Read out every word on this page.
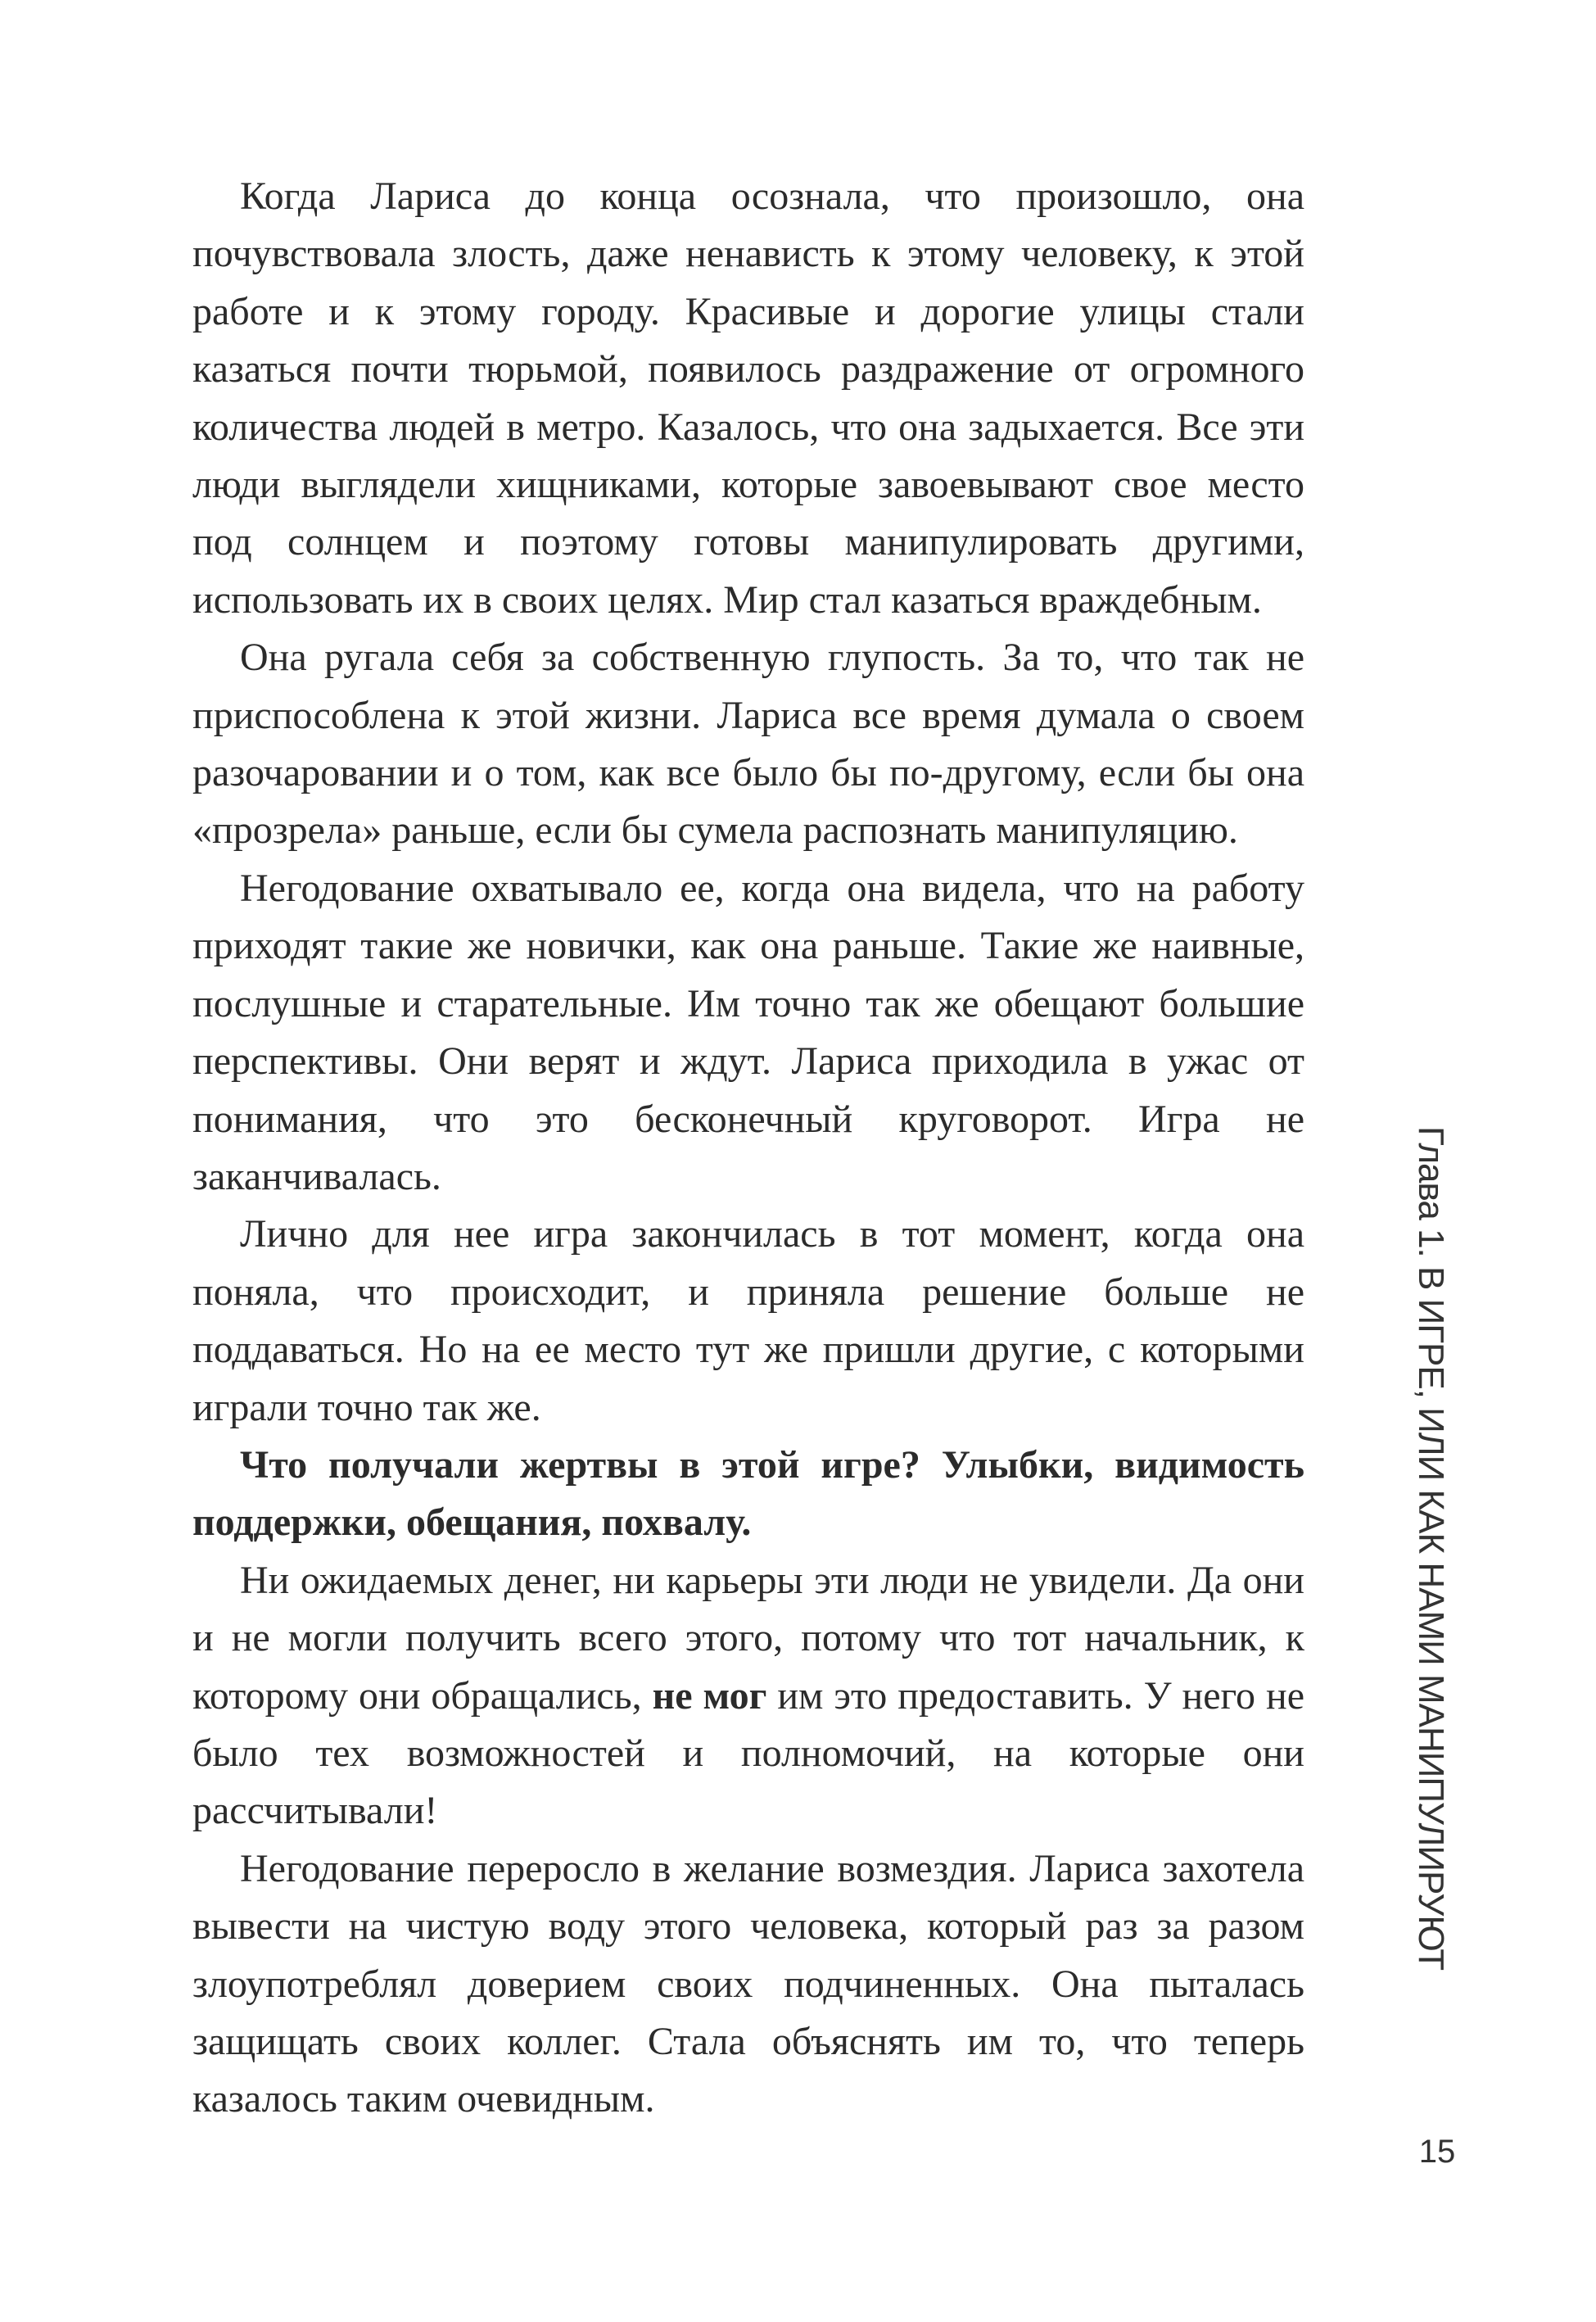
Когда Лариса до конца осознала, что произошло, она почувствовала злость, даже ненависть к этому человеку, к этой работе и к этому городу. Красивые и дорогие улицы стали казаться почти тюрьмой, появилось раздражение от огромного количества людей в метро. Казалось, что она задыхается. Все эти люди выглядели хищниками, которые завоевывают свое место под солнцем и поэтому готовы манипулировать другими, использовать их в своих целях. Мир стал казаться враждебным.

Она ругала себя за собственную глупость. За то, что так не приспособлена к этой жизни. Лариса все время думала о своем разочаровании и о том, как все было бы по-другому, если бы она «прозрела» раньше, если бы сумела распознать манипуляцию.

Негодование охватывало ее, когда она видела, что на работу приходят такие же новички, как она раньше. Такие же наивные, послушные и старательные. Им точно так же обещают большие перспективы. Они верят и ждут. Лариса приходила в ужас от понимания, что это бесконечный круговорот. Игра не заканчивалась.

Лично для нее игра закончилась в тот момент, когда она поняла, что происходит, и приняла решение больше не поддаваться. Но на ее место тут же пришли другие, с которыми играли точно так же.

Что получали жертвы в этой игре? Улыбки, видимость поддержки, обещания, похвалу.

Ни ожидаемых денег, ни карьеры эти люди не увидели. Да они и не могли получить всего этого, потому что тот начальник, к которому они обращались, не мог им это предоставить. У него не было тех возможностей и полномочий, на которые они рассчитывали!

Негодование переросло в желание возмездия. Лариса захотела вывести на чистую воду этого человека, который раз за разом злоупотреблял доверием своих подчиненных. Она пыталась защищать своих коллег. Стала объяснять им то, что теперь казалось таким очевидным.

Глава 1. В ИГРЕ, ИЛИ КАК НАМИ МАНИПУЛИРУЮТ
15
